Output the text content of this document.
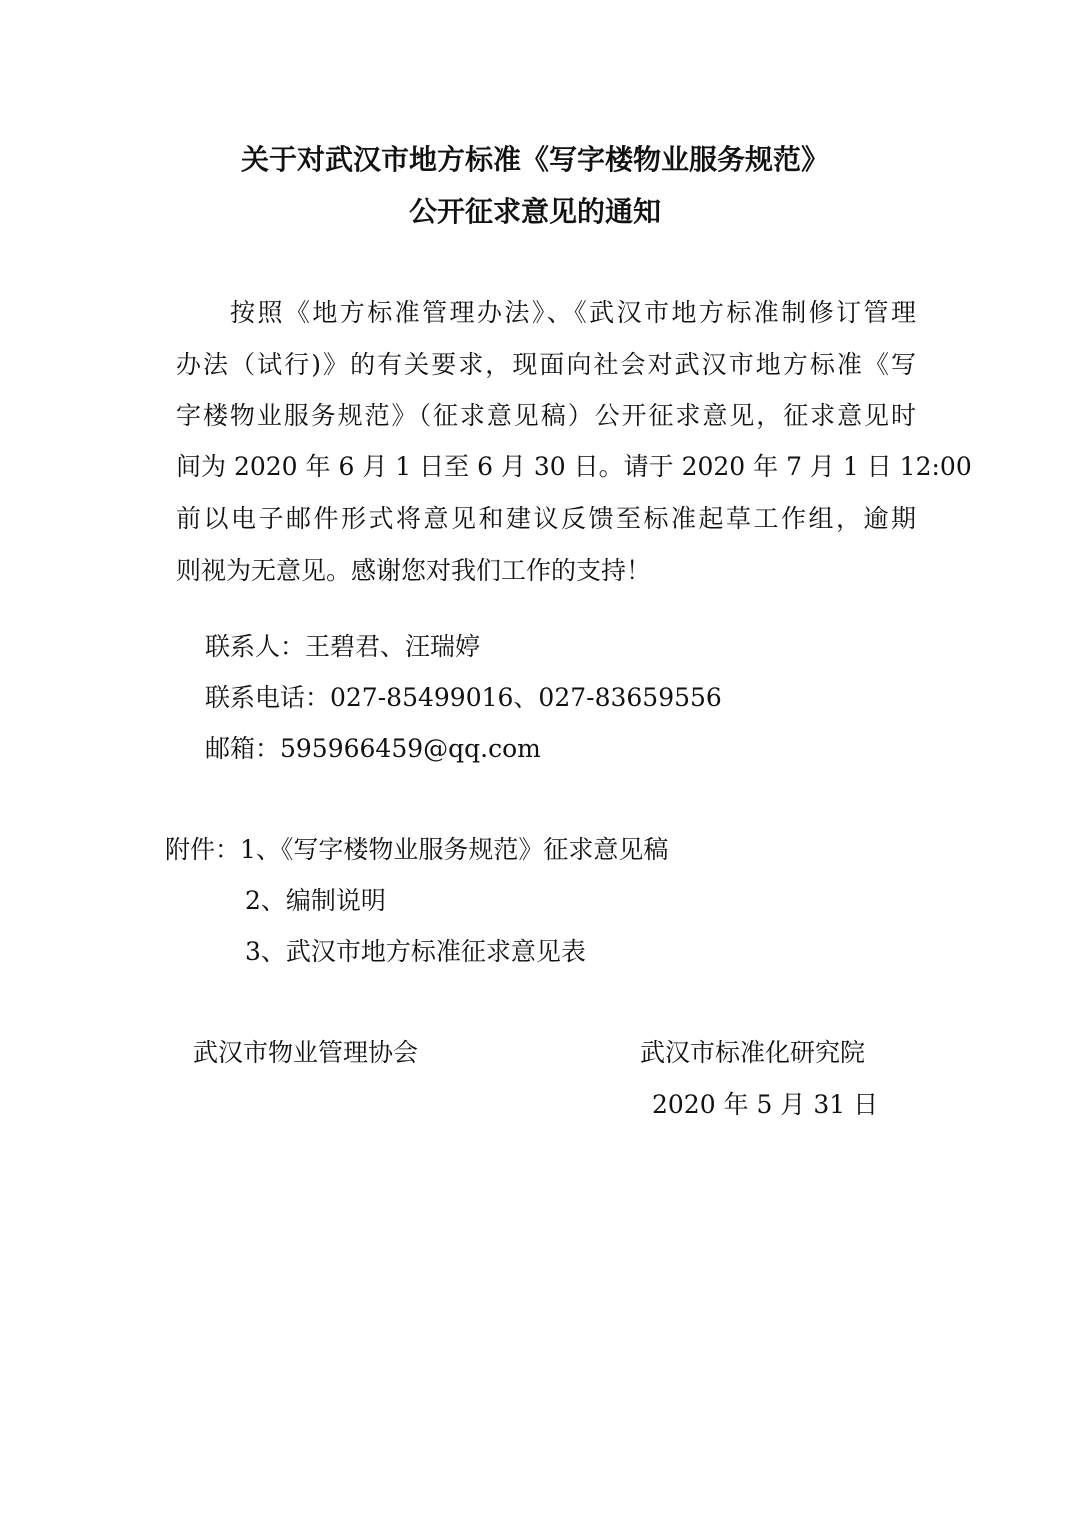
关于对武汉市地方标准《写字楼物业服务规范》
公开征求意见的通知
按照《地方标准管理办法》、《武汉市地方标准制修订管理
办法（试行)》的有关要求，现面向社会对武汉市地方标准《写
字楼物业服务规范》（征求意见稿）公开征求意见，征求意见时
间为 2020 年 6 月 1 日至 6 月 30 日。请于 2020 年 7 月 1 日 12:00
前以电子邮件形式将意见和建议反馈至标准起草工作组，逾期
则视为无意见。感谢您对我们工作的支持！
联系人：王碧君、汪瑞婷
联系电话：027-85499016、027-83659556
邮箱：595966459@qq.com
附件：1、《写字楼物业服务规范》征求意见稿
2、编制说明
3、武汉市地方标准征求意见表
武汉市物业管理协会	武汉市标准化研究院
2020 年 5 月 31 日
